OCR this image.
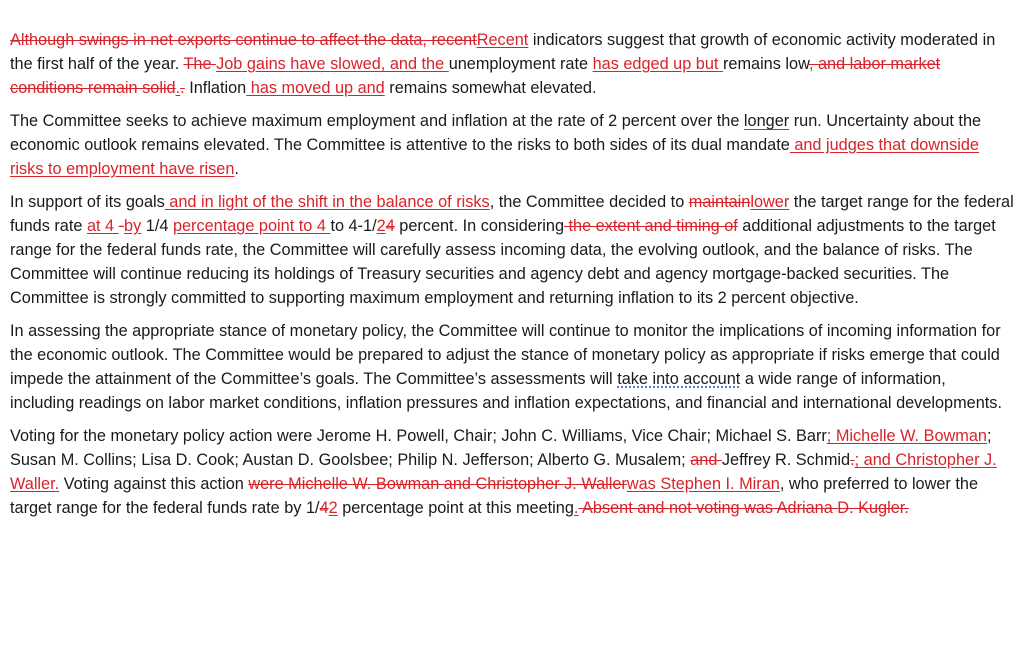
Although swings in net exports continue to affect the data, recentRecent indicators suggest that growth of economic activity moderated in the first half of the year. The Job gains have slowed, and the unemployment rate has edged up but remains low, and labor market conditions remain solid.. Inflation has moved up and remains somewhat elevated.

The Committee seeks to achieve maximum employment and inflation at the rate of 2 percent over the longer run. Uncertainty about the economic outlook remains elevated. The Committee is attentive to the risks to both sides of its dual mandate and judges that downside risks to employment have risen.

In support of its goals and in light of the shift in the balance of risks, the Committee decided to maintainlower the target range for the federal funds rate at 4 -by 1/4 percentage point to 4 to 4-1/24 percent. In considering the extent and timing of additional adjustments to the target range for the federal funds rate, the Committee will carefully assess incoming data, the evolving outlook, and the balance of risks. The Committee will continue reducing its holdings of Treasury securities and agency debt and agency mortgage-backed securities. The Committee is strongly committed to supporting maximum employment and returning inflation to its 2 percent objective.

In assessing the appropriate stance of monetary policy, the Committee will continue to monitor the implications of incoming information for the economic outlook. The Committee would be prepared to adjust the stance of monetary policy as appropriate if risks emerge that could impede the attainment of the Committee’s goals. The Committee’s assessments will take into account a wide range of information, including readings on labor market conditions, inflation pressures and inflation expectations, and financial and international developments.

Voting for the monetary policy action were Jerome H. Powell, Chair; John C. Williams, Vice Chair; Michael S. Barr; Michelle W. Bowman; Susan M. Collins; Lisa D. Cook; Austan D. Goolsbee; Philip N. Jefferson; Alberto G. Musalem; and Jeffrey R. Schmid.; and Christopher J. Waller. Voting against this action were Michelle W. Bowman and Christopher J. Wallerwas Stephen I. Miran, who preferred to lower the target range for the federal funds rate by 1/42 percentage point at this meeting. Absent and not voting was Adriana D. Kugler.
